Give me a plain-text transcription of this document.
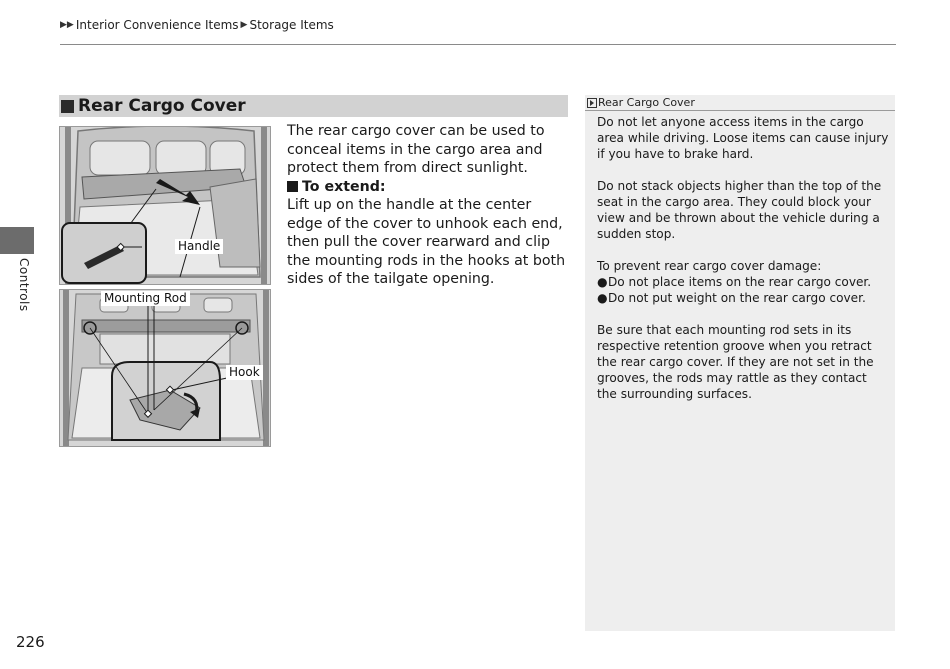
▶▶ Interior Convenience Items ▶ Storage Items
Controls
Rear Cargo Cover
Handle
Mounting Rod
Hook
The rear cargo cover can be used to conceal items in the cargo area and protect them from direct sunlight.
To extend:
Lift up on the handle at the center edge of the cover to unhook each end, then pull the cover rearward and clip the mounting rods in the hooks at both sides of the tailgate opening.
Rear Cargo Cover

Do not let anyone access items in the cargo area while driving. Loose items can cause injury if you have to brake hard.

Do not stack objects higher than the top of the seat in the cargo area. They could block your view and be thrown about the vehicle during a sudden stop.

To prevent rear cargo cover damage:
● Do not place items on the rear cargo cover.
● Do not put weight on the rear cargo cover.

Be sure that each mounting rod sets in its respective retention groove when you retract the rear cargo cover. If they are not set in the grooves, the rods may rattle as they contact the surrounding surfaces.

226
